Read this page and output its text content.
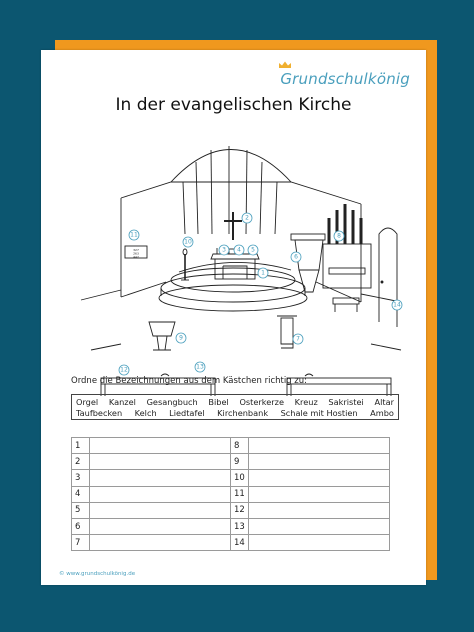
Grundschulkönig
In der evangelischen Kirche
327
263
442
1
2
3 4 5
6
7
8
9
10
11
12	13
14
Ordne die Bezeichnungen aus dem Kästchen richtig zu:
Orgel Kanzel Gesangbuch Bibel Osterkerze Kreuz Sakristei Altar
Taufbecken Kelch Liedtafel Kirchenbank Schale mit Hostien Ambo
1		8	
2		9	
3		10	
4		11	
5		12	
6		13	
7		14	
© www.grundschulkönig.de
